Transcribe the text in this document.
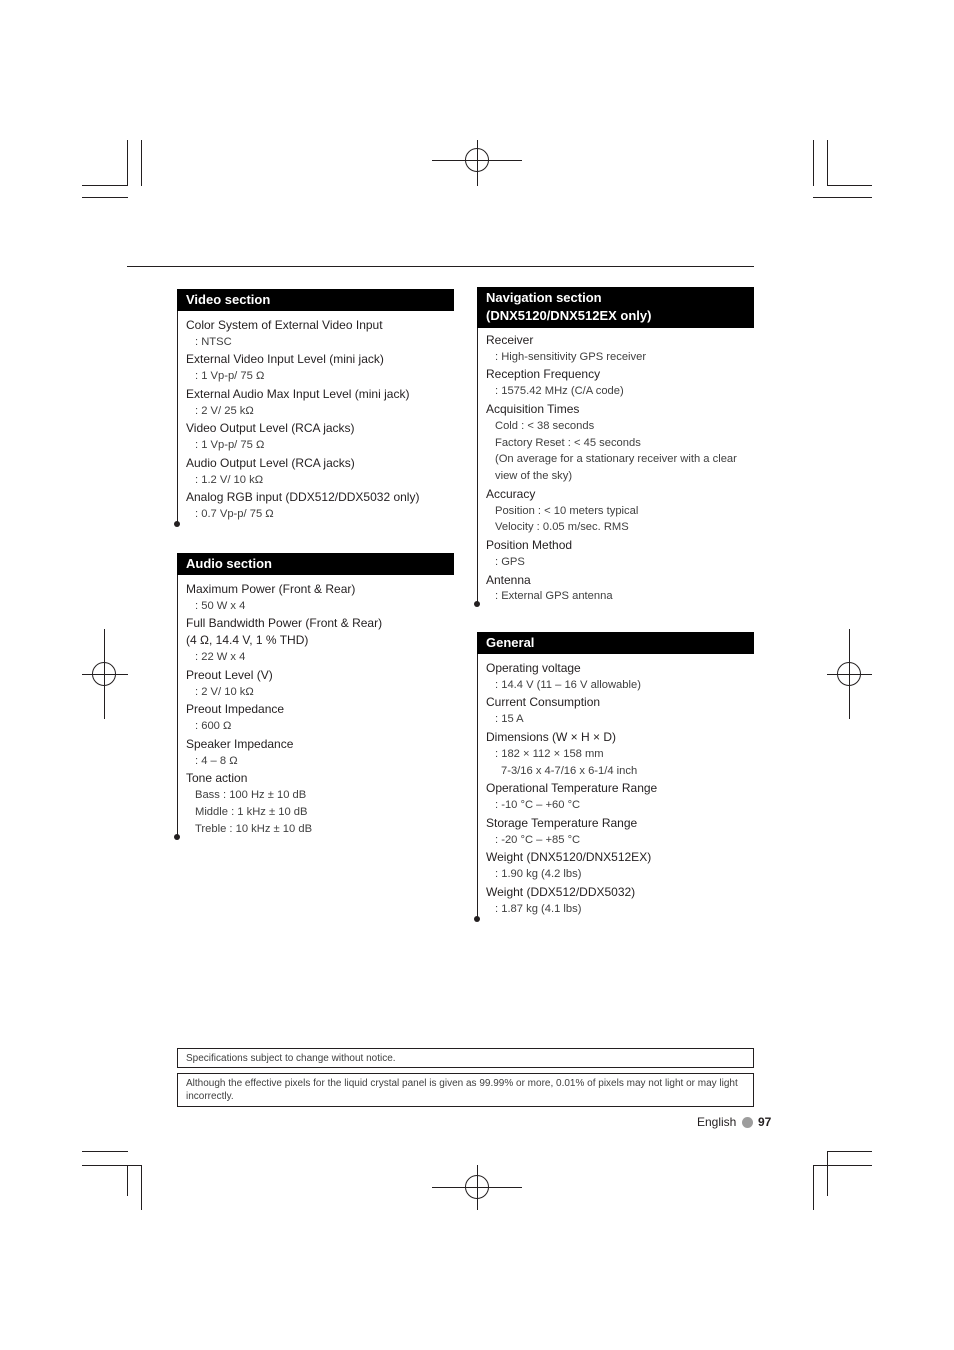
Video section
Color System of External Video Input
: NTSC
External Video Input Level (mini jack)
: 1 Vp-p/ 75 Ω
External Audio Max Input Level (mini jack)
: 2 V/ 25 kΩ
Video Output Level (RCA jacks)
: 1 Vp-p/ 75 Ω
Audio Output Level (RCA jacks)
: 1.2 V/ 10 kΩ
Analog RGB input (DDX512/DDX5032 only)
: 0.7 Vp-p/ 75 Ω
Audio section
Maximum Power (Front & Rear)
: 50 W x 4
Full Bandwidth Power (Front & Rear)
(4 Ω, 14.4 V, 1 % THD)
: 22 W x 4
Preout Level (V)
: 2 V/ 10 kΩ
Preout Impedance
: 600 Ω
Speaker Impedance
: 4 – 8 Ω
Tone action
Bass : 100 Hz ± 10 dB
Middle : 1 kHz ± 10 dB
Treble : 10 kHz ± 10 dB
Navigation section
(DNX5120/DNX512EX only)
Receiver
: High-sensitivity GPS receiver
Reception Frequency
: 1575.42 MHz (C/A code)
Acquisition Times
Cold : < 38 seconds
Factory Reset : < 45 seconds
(On average for a stationary receiver with a clear
view of the sky)
Accuracy
Position : < 10 meters typical
Velocity : 0.05 m/sec. RMS
Position Method
: GPS
Antenna
: External GPS antenna
General
Operating voltage
: 14.4 V (11 – 16 V allowable)
Current Consumption
: 15 A
Dimensions (W × H × D)
: 182 × 112 × 158 mm
7-3/16 x 4-7/16 x 6-1/4 inch
Operational Temperature Range
: -10 °C – +60 °C
Storage Temperature Range
: -20 °C – +85 °C
Weight (DNX5120/DNX512EX)
: 1.90 kg (4.2 lbs)
Weight (DDX512/DDX5032)
: 1.87 kg (4.1 lbs)
Specifications subject to change without notice.
Although the effective pixels for the liquid crystal panel is given as 99.99% or more, 0.01% of pixels may not light or may light incorrectly.
English 97
